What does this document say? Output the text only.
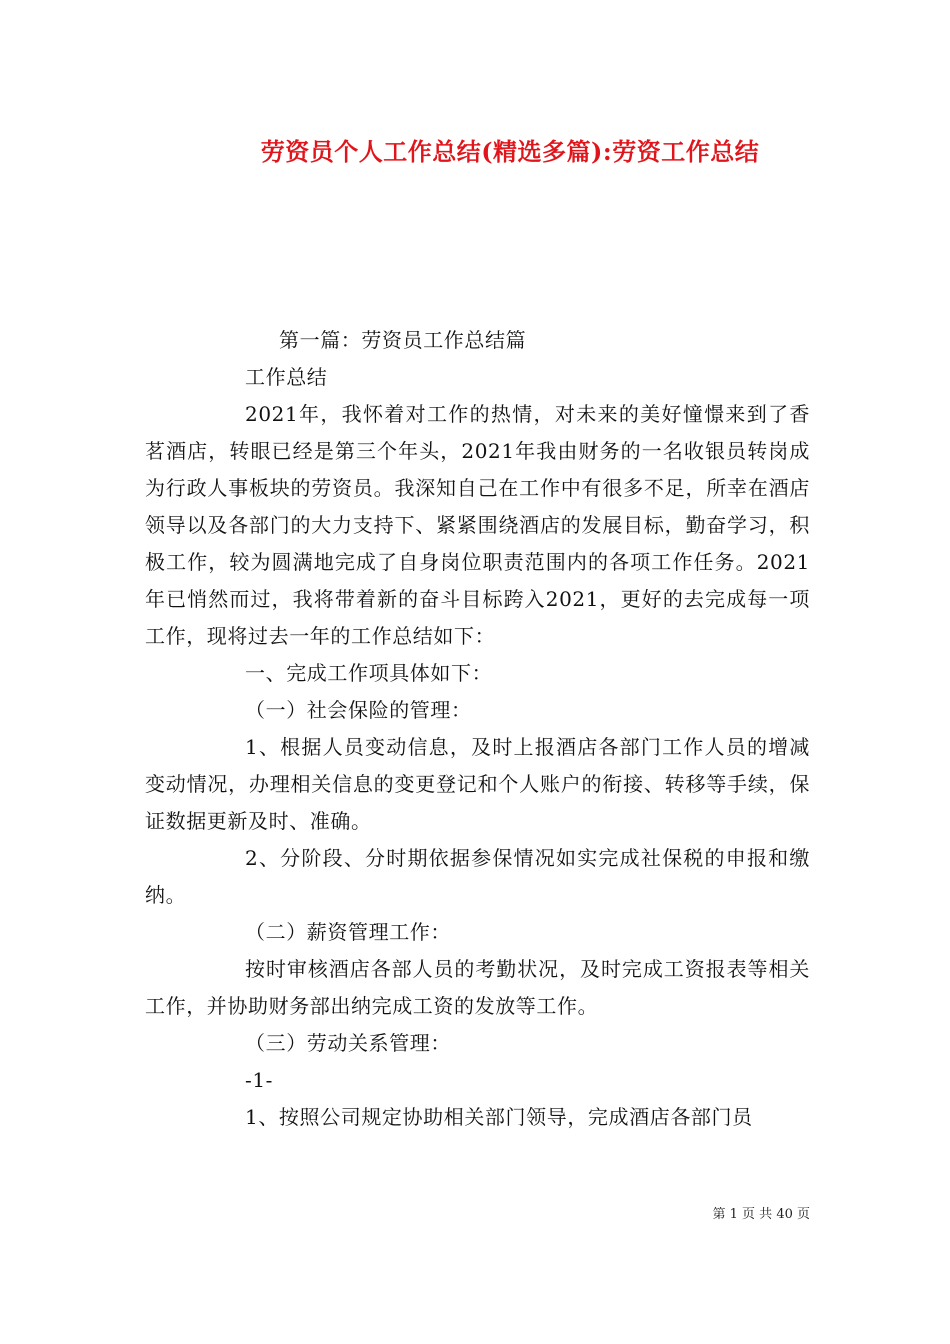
劳资员个人工作总结(精选多篇):劳资工作总结

第一篇：劳资员工作总结篇

工作总结

2021年，我怀着对工作的热情，对未来的美好憧憬来到了香茗酒店，转眼已经是第三个年头，2021年我由财务的一名收银员转岗成为行政人事板块的劳资员。我深知自己在工作中有很多不足，所幸在酒店领导以及各部门的大力支持下、紧紧围绕酒店的发展目标，勤奋学习，积极工作，较为圆满地完成了自身岗位职责范围内的各项工作任务。2021年已悄然而过，我将带着新的奋斗目标跨入2021，更好的去完成每一项工作，现将过去一年的工作总结如下：

一、完成工作项具体如下：

（一）社会保险的管理：

1、根据人员变动信息，及时上报酒店各部门工作人员的增减变动情况，办理相关信息的变更登记和个人账户的衔接、转移等手续，保证数据更新及时、准确。

2、分阶段、分时期依据参保情况如实完成社保税的申报和缴纳。

（二）薪资管理工作：

按时审核酒店各部人员的考勤状况，及时完成工资报表等相关工作，并协助财务部出纳完成工资的发放等工作。

（三）劳动关系管理：

-1-

1、按照公司规定协助相关部门领导，完成酒店各部门员

第 1 页 共 40 页
